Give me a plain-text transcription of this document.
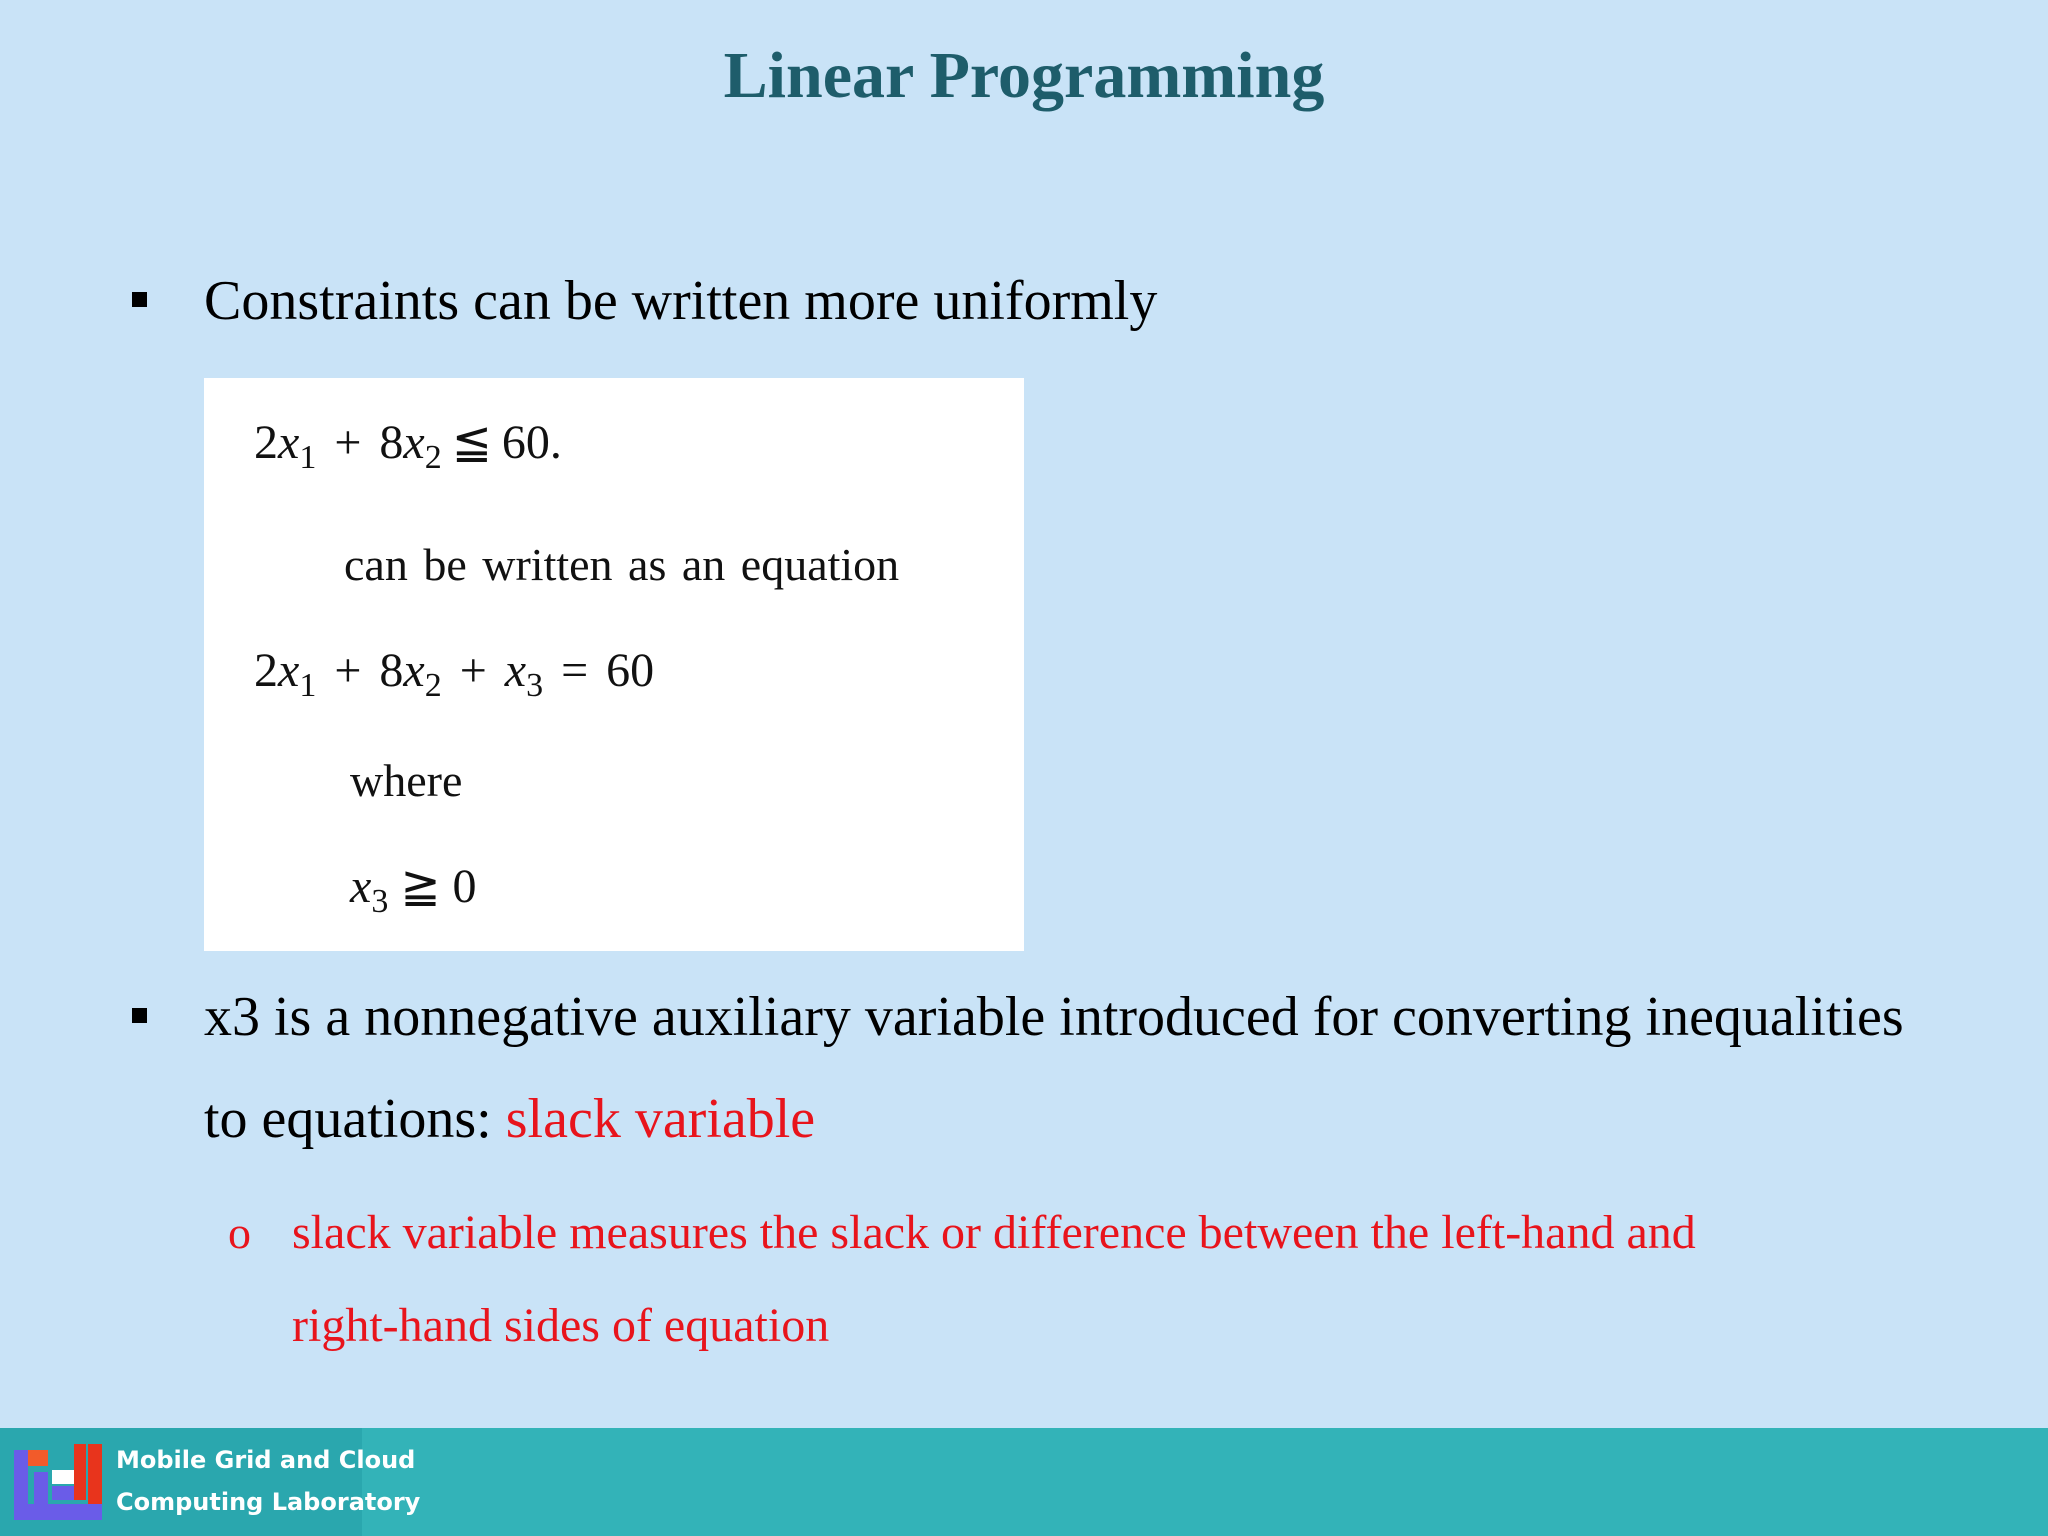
Linear Programming
Constraints can be written more uniformly
$2x_1 + 8x_2$ ≦ 60.
can be written as an equation
$2x_1 + 8x_2 + x_3 = 60$
where
$x_3$ ≧ 0
x3 is a nonnegative auxiliary variable introduced for converting inequalities
to equations: slack variable
o slack variable measures the slack or difference between the left-hand and
right-hand sides of equation
Mobile Grid and Cloud
Computing Laboratory
